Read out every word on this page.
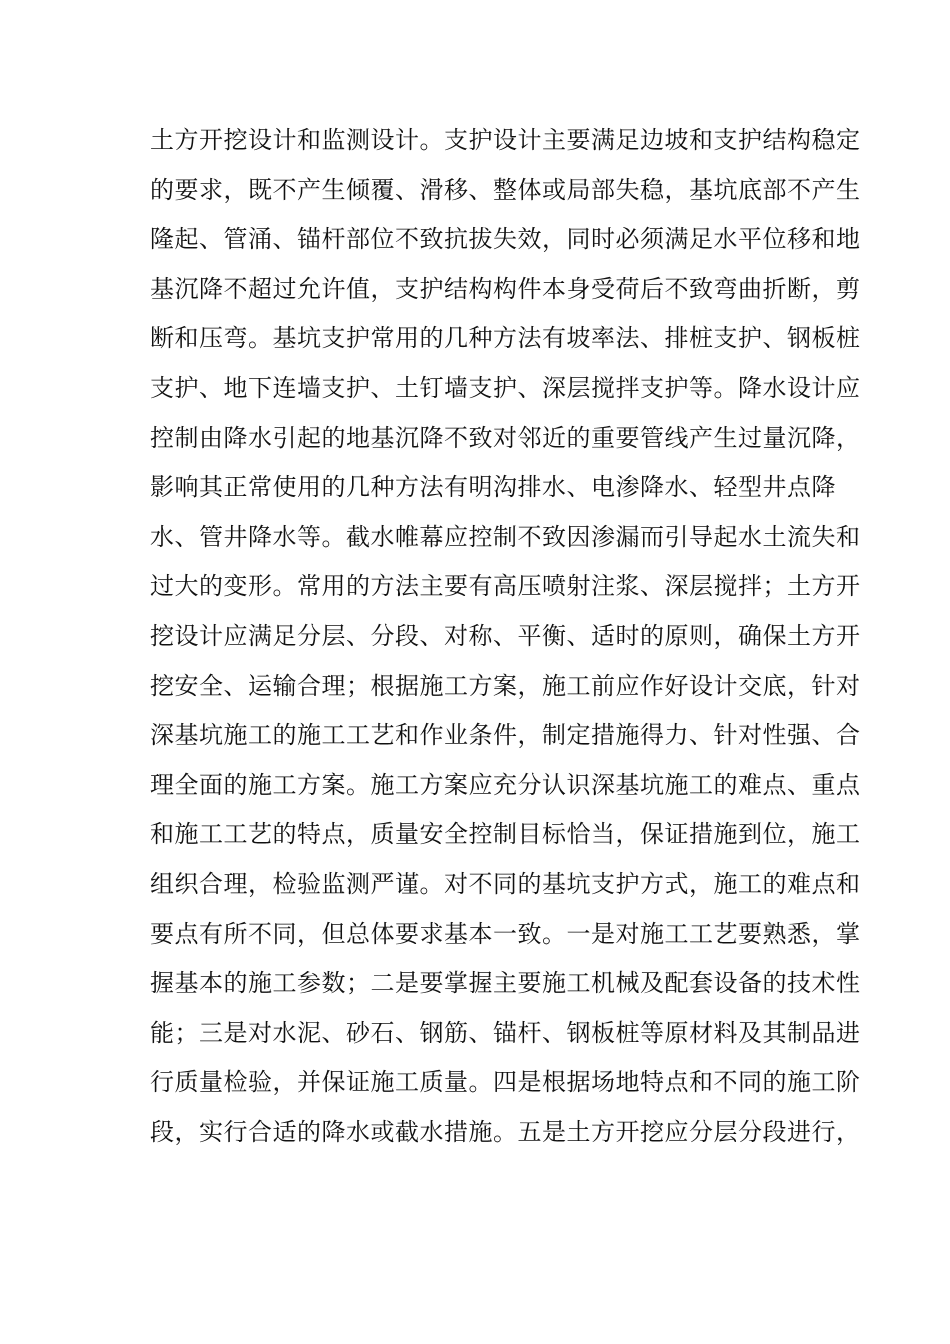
土方开挖设计和监测设计。支护设计主要满足边坡和支护结构稳定
的要求，既不产生倾覆、滑移、整体或局部失稳，基坑底部不产生
隆起、管涌、锚杆部位不致抗拔失效，同时必须满足水平位移和地
基沉降不超过允许值，支护结构构件本身受荷后不致弯曲折断，剪
断和压弯。基坑支护常用的几种方法有坡率法、排桩支护、钢板桩
支护、地下连墙支护、土钉墙支护、深层搅拌支护等。降水设计应
控制由降水引起的地基沉降不致对邻近的重要管线产生过量沉降，
影响其正常使用的几种方法有明沟排水、电渗降水、轻型井点降
水、管井降水等。截水帷幕应控制不致因渗漏而引导起水土流失和
过大的变形。常用的方法主要有高压喷射注浆、深层搅拌；土方开
挖设计应满足分层、分段、对称、平衡、适时的原则，确保土方开
挖安全、运输合理；根据施工方案，施工前应作好设计交底，针对
深基坑施工的施工工艺和作业条件，制定措施得力、针对性强、合
理全面的施工方案。施工方案应充分认识深基坑施工的难点、重点
和施工工艺的特点，质量安全控制目标恰当，保证措施到位，施工
组织合理，检验监测严谨。对不同的基坑支护方式，施工的难点和
要点有所不同，但总体要求基本一致。一是对施工工艺要熟悉，掌
握基本的施工参数；二是要掌握主要施工机械及配套设备的技术性
能；三是对水泥、砂石、钢筋、锚杆、钢板桩等原材料及其制品进
行质量检验，并保证施工质量。四是根据场地特点和不同的施工阶
段，实行合适的降水或截水措施。五是土方开挖应分层分段进行，
